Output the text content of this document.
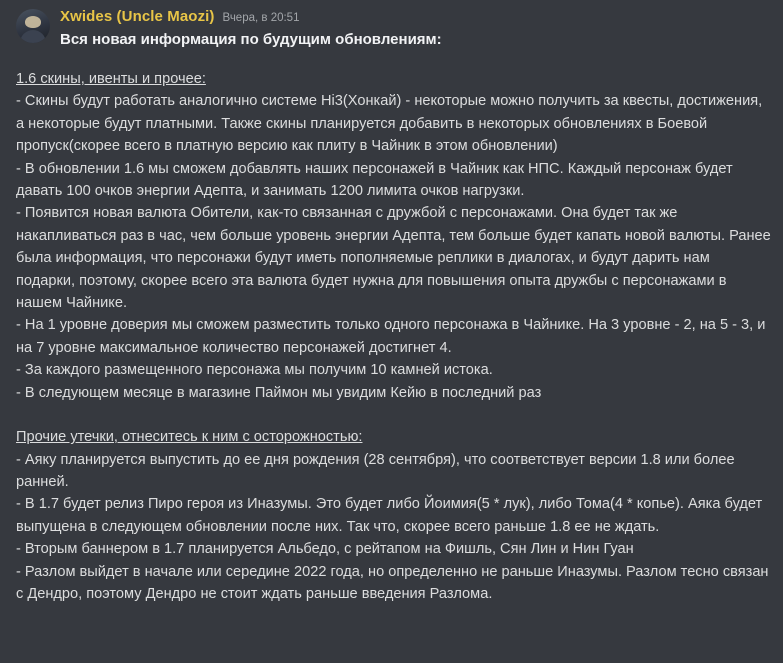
Xwides (Uncle Maozi) Вчера, в 20:51
Вся новая информация по будущим обновлениям:

1.6 скины, ивенты и прочее:

- Скины будут работать аналогично системе Hi3(Хонкай) - некоторые можно получить за квесты, достижения, а некоторые будут платными. Также скины планируется добавить в некоторых обновлениях в Боевой пропуск(скорее всего в платную версию как плиту в Чайник в этом обновлении)

- В обновлении 1.6 мы сможем добавлять наших персонажей в Чайник как НПС. Каждый персонаж будет давать 100 очков энергии Адепта, и занимать 1200 лимита очков нагрузки.

- Появится новая валюта Обители, как-то связанная с дружбой с персонажами. Она будет так же накапливаться раз в час, чем больше уровень энергии Адепта, тем больше будет капать новой валюты. Ранее была информация, что персонажи будут иметь пополняемые реплики в диалогах, и будут дарить нам подарки, поэтому, скорее всего эта валюта будет нужна для повышения опыта дружбы с персонажами в нашем Чайнике.

- На 1 уровне доверия мы сможем разместить только одного персонажа в Чайнике. На 3 уровне - 2, на 5 - 3, и на 7 уровне максимальное количество персонажей достигнет 4.

- За каждого размещенного персонажа мы получим 10 камней истока.

- В следующем месяце в магазине Паймон мы увидим Кейю в последний раз

Прочие утечки, отнеситесь к ним с осторожностью:

- Аяку планируется выпустить до ее дня рождения (28 сентября), что соответствует версии 1.8 или более ранней.

- В 1.7 будет релиз Пиро героя из Иназумы. Это будет либо Йоимия(5 * лук), либо Тома(4 * копье). Аяка будет выпущена в следующем обновлении после них. Так что, скорее всего раньше 1.8 ее не ждать.

- Вторым баннером в 1.7 планируется Альбедо, с рейтапом на Фишль, Сян Лин и Нин Гуан

- Разлом выйдет в начале или середине 2022 года, но определенно не раньше Иназумы. Разлом тесно связан с Дендро, поэтому Дендро не стоит ждать раньше введения Разлома.
